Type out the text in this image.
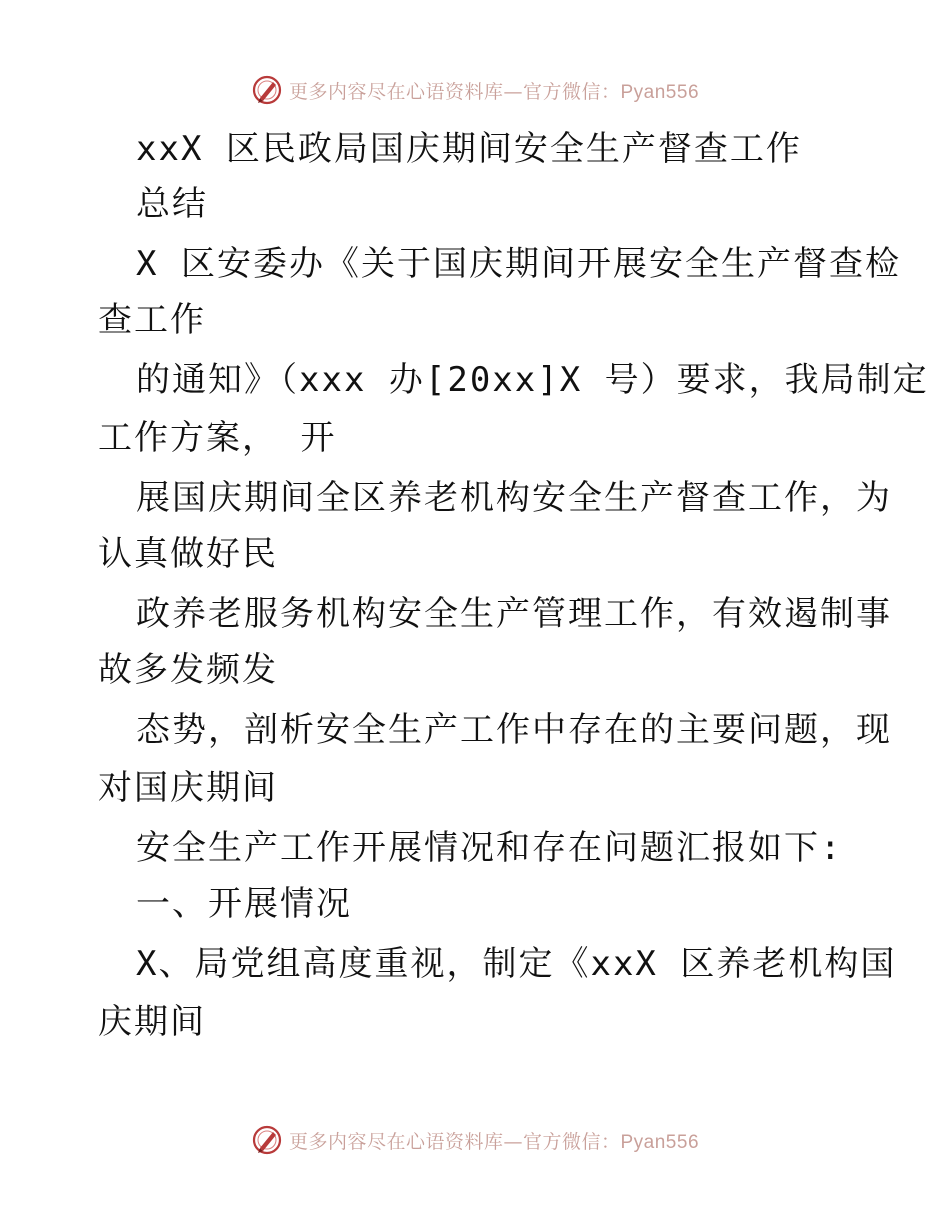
更多内容尽在心语资料库—官方微信：Pyan556
xxX 区民政局国庆期间安全生产督查工作
总结
X 区安委办《关于国庆期间开展安全生产督查检
查工作
的通知》（xxx 办[20xx]X 号）要求，我局制定
工作方案， 开
展国庆期间全区养老机构安全生产督查工作，为
认真做好民
政养老服务机构安全生产管理工作，有效遏制事
故多发频发
态势，剖析安全生产工作中存在的主要问题，现
对国庆期间
安全生产工作开展情况和存在问题汇报如下:
一、开展情况
X、局党组高度重视，制定《xxX 区养老机构国
庆期间
更多内容尽在心语资料库—官方微信：Pyan556
